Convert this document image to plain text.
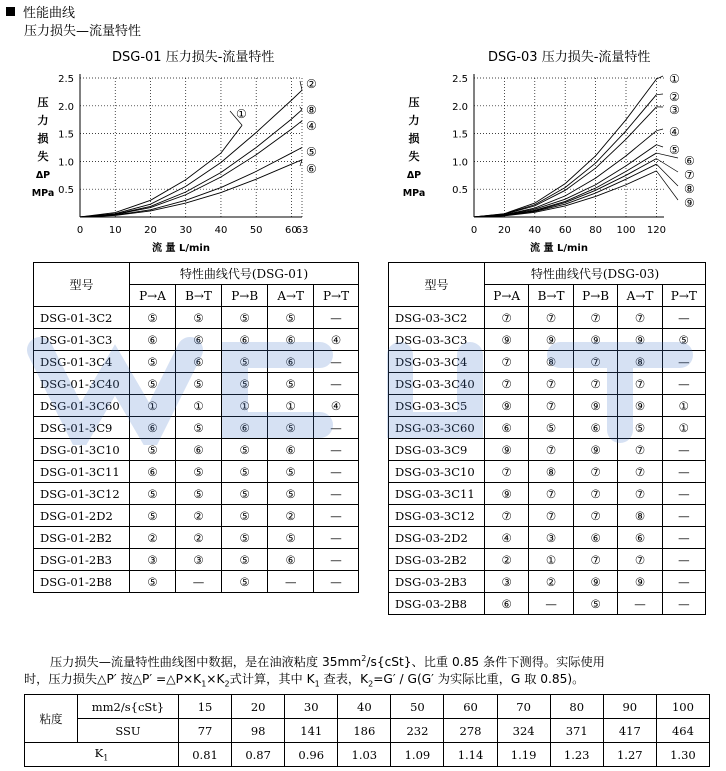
性能曲线
压力损失—流量特性
DSG-01 压力损失-流量特性
0	10 20 30 40 50 60
63
0.5
1.0
1.5
2.0
2.5
流 量 L/min
压
力
损
失
ΔP
MPa
①
②
⑧
④
⑤
⑥
DSG-03 压力损失-流量特性
0 20 40 60 80 100 120
0.5
1.0
1.5
2.0
2.5
流 量 L/min
压
力
损
失
ΔP
MPa
①
②
③
④
⑤
⑥
⑦
⑧
⑨
型号	特性曲线代号(DSG-01)				
	P→A	B→T	P→B	A→T	P→T
DSG-01-3C2	⑤	⑤	⑤	⑤	—
DSG-01-3C3	⑥	⑥	⑥	⑥	④
DSG-01-3C4	⑤	⑥	⑤	⑥	—
DSG-01-3C40	⑤	⑤	⑤	⑤	—
DSG-01-3C60	①	①	①	①	④
DSG-01-3C9	⑥	⑤	⑥	⑤	—
DSG-01-3C10	⑤	⑥	⑤	⑥	—
DSG-01-3C11	⑥	⑤	⑤	⑤	—
DSG-01-3C12	⑤	⑤	⑤	⑤	—
DSG-01-2D2	⑤	②	⑤	②	—
DSG-01-2B2	②	②	⑤	⑤	—
DSG-01-2B3	③	③	⑤	⑥	—
DSG-01-2B8	⑤	—	⑤	—	—
型号	特性曲线代号(DSG-03)				
	P→A	B→T	P→B	A→T	P→T
DSG-03-3C2	⑦	⑦	⑦	⑦	—
DSG-03-3C3	⑨	⑨	⑨	⑨	⑤
DSG-03-3C4	⑦	⑧	⑦	⑧	—
DSG-03-3C40	⑦	⑦	⑦	⑦	—
DSG-03-3C5	⑨	⑦	⑨	⑨	①
DSG-03-3C60	⑥	⑤	⑥	⑤	①
DSG-03-3C9	⑨	⑦	⑨	⑦	—
DSG-03-3C10	⑦	⑧	⑦	⑦	—
DSG-03-3C11	⑨	⑦	⑦	⑦	—
DSG-03-3C12	⑦	⑦	⑦	⑧	—
DSG-03-2D2	④	③	⑥	⑥	—
DSG-03-2B2	②	①	⑦	⑦	—
DSG-03-2B3	③	②	⑨	⑨	—
DSG-03-2B8	⑥	—	⑤	—	—
压力损失—流量特性曲线图中数据，是在油液粘度 $35mm^2/s\{cSt\}$、比重 0.85 条件下测得。实际使用
时，压力损失△P′ 按△P′ $=\triangle P\times K_1\times K_2$式计算，其中 $K_1$ 查表，$K_2=G' / G(G'$ 为实际比重，G 取 0.85)。
粘度	mm2/s{cSt}	15	20	30	40	50	60	70	80	90	100
	SSU	77	98	141	186	232	278	324	371	417	464
$K_1$		0.81	0.87	0.96	1.03	1.09	1.14	1.19	1.23	1.27	1.30
